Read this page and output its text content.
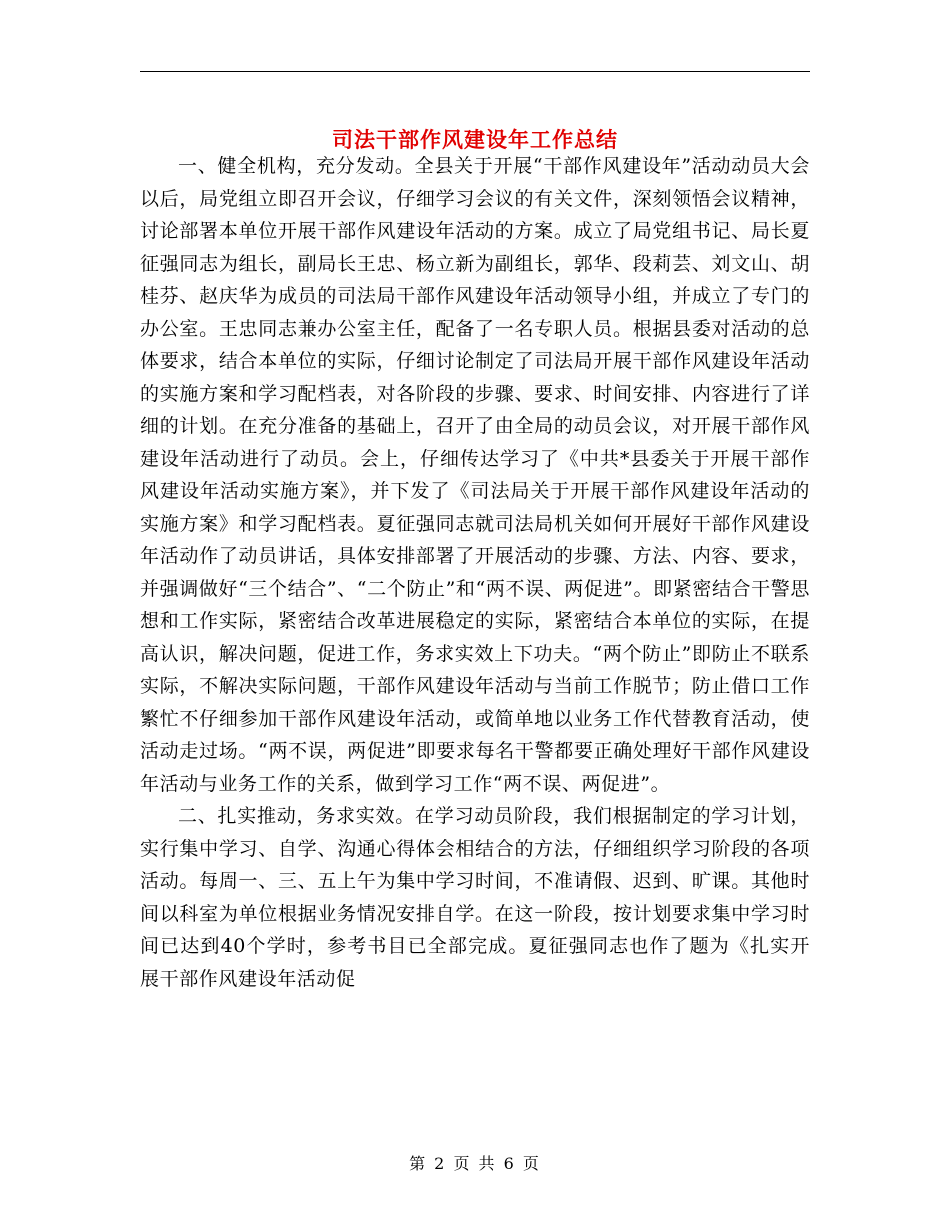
司法干部作风建设年工作总结

一、健全机构，充分发动。全县关于开展“干部作风建设年”活动动员大会以后，局党组立即召开会议，仔细学习会议的有关文件，深刻领悟会议精神，讨论部署本单位开展干部作风建设年活动的方案。成立了局党组书记、局长夏征强同志为组长，副局长王忠、杨立新为副组长，郭华、段莉芸、刘文山、胡桂芬、赵庆华为成员的司法局干部作风建设年活动领导小组，并成立了专门的办公室。王忠同志兼办公室主任，配备了一名专职人员。根据县委对活动的总体要求，结合本单位的实际，仔细讨论制定了司法局开展干部作风建设年活动的实施方案和学习配档表，对各阶段的步骤、要求、时间安排、内容进行了详细的计划。在充分准备的基础上，召开了由全局的动员会议，对开展干部作风建设年活动进行了动员。会上，仔细传达学习了《中共*县委关于开展干部作风建设年活动实施方案》，并下发了《司法局关于开展干部作风建设年活动的实施方案》和学习配档表。夏征强同志就司法局机关如何开展好干部作风建设年活动作了动员讲话，具体安排部署了开展活动的步骤、方法、内容、要求，并强调做好“三个结合”、“二个防止”和“两不误、两促进”。即紧密结合干警思想和工作实际，紧密结合改革进展稳定的实际，紧密结合本单位的实际，在提高认识，解决问题，促进工作，务求实效上下功夫。“两个防止”即防止不联系实际，不解决实际问题，干部作风建设年活动与当前工作脱节；防止借口工作繁忙不仔细参加干部作风建设年活动，或简单地以业务工作代替教育活动，使活动走过场。“两不误，两促进”即要求每名干警都要正确处理好干部作风建设年活动与业务工作的关系，做到学习工作“两不误、两促进”。

二、扎实推动，务求实效。在学习动员阶段，我们根据制定的学习计划，实行集中学习、自学、沟通心得体会相结合的方法，仔细组织学习阶段的各项活动。每周一、三、五上午为集中学习时间，不准请假、迟到、旷课。其他时间以科室为单位根据业务情况安排自学。在这一阶段，按计划要求集中学习时间已达到40个学时，参考书目已全部完成。夏征强同志也作了题为《扎实开展干部作风建设年活动促

第 2 页 共 6 页
